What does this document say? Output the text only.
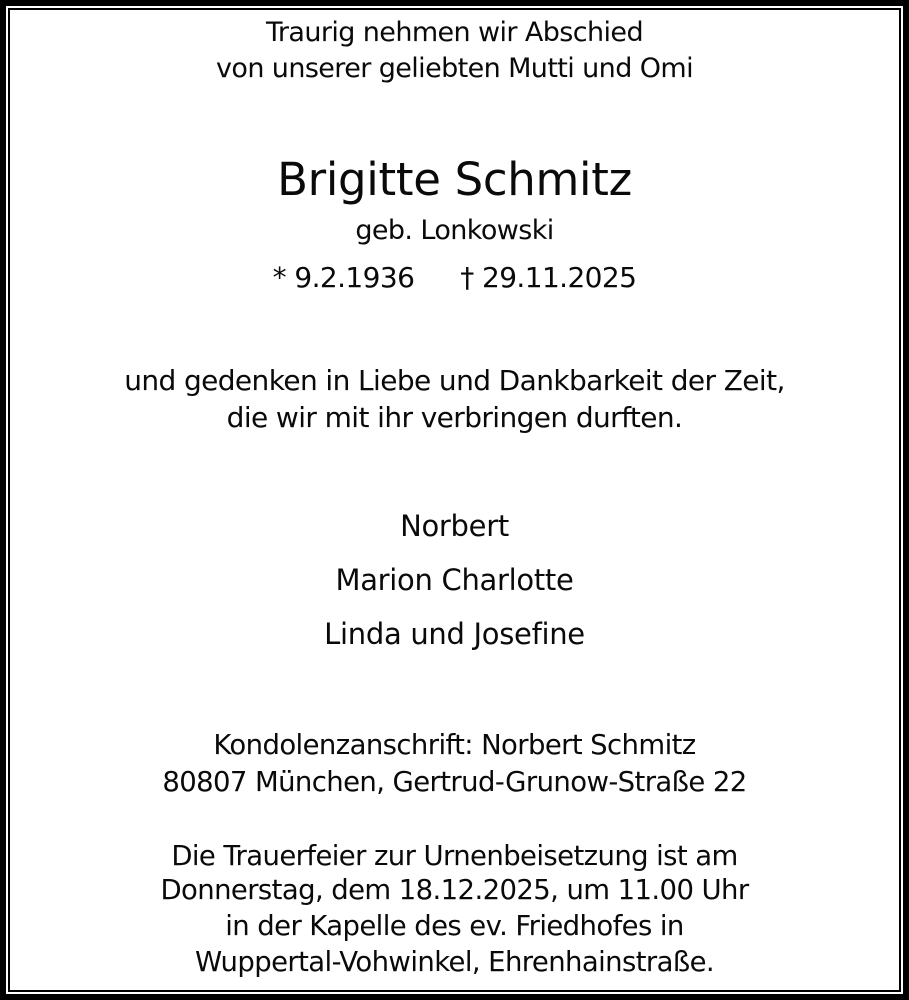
Traurig nehmen wir Abschied
von unserer geliebten Mutti und Omi
Brigitte Schmitz
geb. Lonkowski
* 9.2.1936 † 29.11.2025
und gedenken in Liebe und Dankbarkeit der Zeit,
die wir mit ihr verbringen durften.
Norbert
Marion Charlotte
Linda und Josefine
Kondolenzanschrift: Norbert Schmitz
80807 München, Gertrud-Grunow-Straße 22
Die Trauerfeier zur Urnenbeisetzung ist am
Donnerstag, dem 18.12.2025, um 11.00 Uhr
in der Kapelle des ev. Friedhofes in
Wuppertal-Vohwinkel, Ehrenhainstraße.
